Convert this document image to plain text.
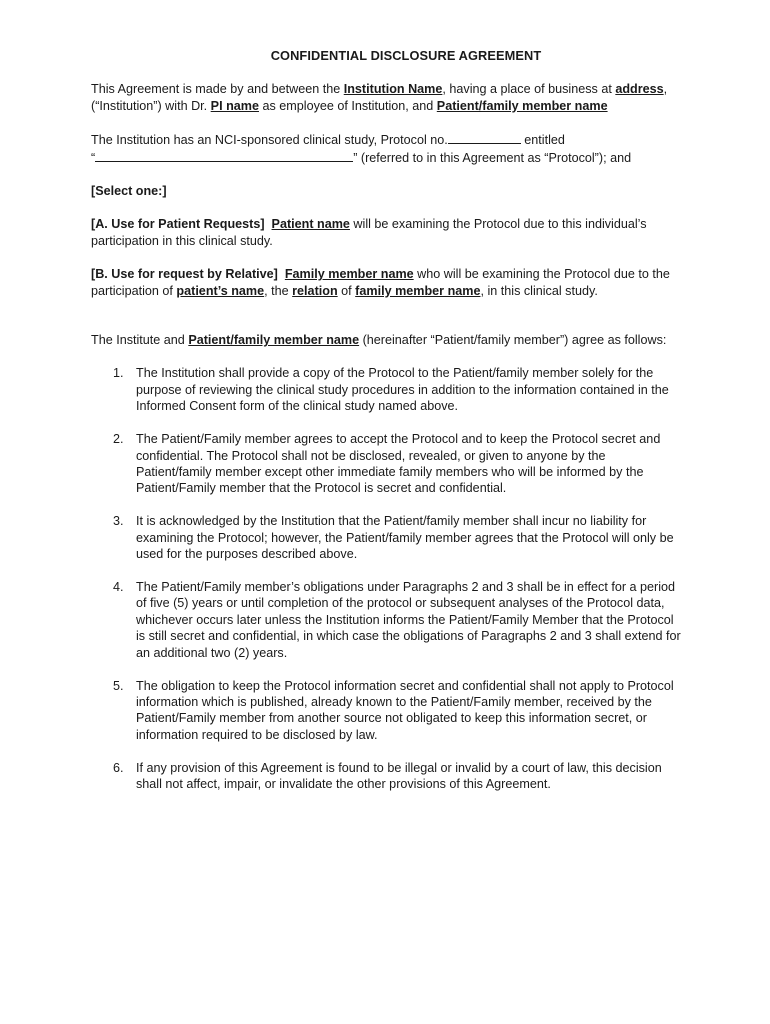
CONFIDENTIAL DISCLOSURE AGREEMENT

This Agreement is made by and between the Institution Name, having a place of business at address, (“Institution”) with Dr. PI name as employee of Institution, and Patient/family member name

The Institution has an NCI-sponsored clinical study, Protocol no.	entitled
“	” (referred to in this Agreement as “Protocol”); and

[Select one:]

[A. Use for Patient Requests] Patient name will be examining the Protocol due to this individual’s participation in this clinical study.

[B. Use for request by Relative] Family member name who will be examining the Protocol due to the participation of patient’s name, the relation of family member name, in this clinical study.

The Institute and Patient/family member name (hereinafter “Patient/family member”) agree as follows:

1. The Institution shall provide a copy of the Protocol to the Patient/family member solely for the purpose of reviewing the clinical study procedures in addition to the information contained in the Informed Consent form of the clinical study named above.
2. The Patient/Family member agrees to accept the Protocol and to keep the Protocol secret and confidential. The Protocol shall not be disclosed, revealed, or given to anyone by the Patient/family member except other immediate family members who will be informed by the Patient/Family member that the Protocol is secret and confidential.
3. It is acknowledged by the Institution that the Patient/family member shall incur no liability for examining the Protocol; however, the Patient/family member agrees that the Protocol will only be used for the purposes described above.
4. The Patient/Family member’s obligations under Paragraphs 2 and 3 shall be in effect for a period of five (5) years or until completion of the protocol or subsequent analyses of the Protocol data, whichever occurs later unless the Institution informs the Patient/Family Member that the Protocol is still secret and confidential, in which case the obligations of Paragraphs 2 and 3 shall extend for an additional two (2) years.
5. The obligation to keep the Protocol information secret and confidential shall not apply to Protocol information which is published, already known to the Patient/Family member, received by the Patient/Family member from another source not obligated to keep this information secret, or information required to be disclosed by law.
6. If any provision of this Agreement is found to be illegal or invalid by a court of law, this decision shall not affect, impair, or invalidate the other provisions of this Agreement.
